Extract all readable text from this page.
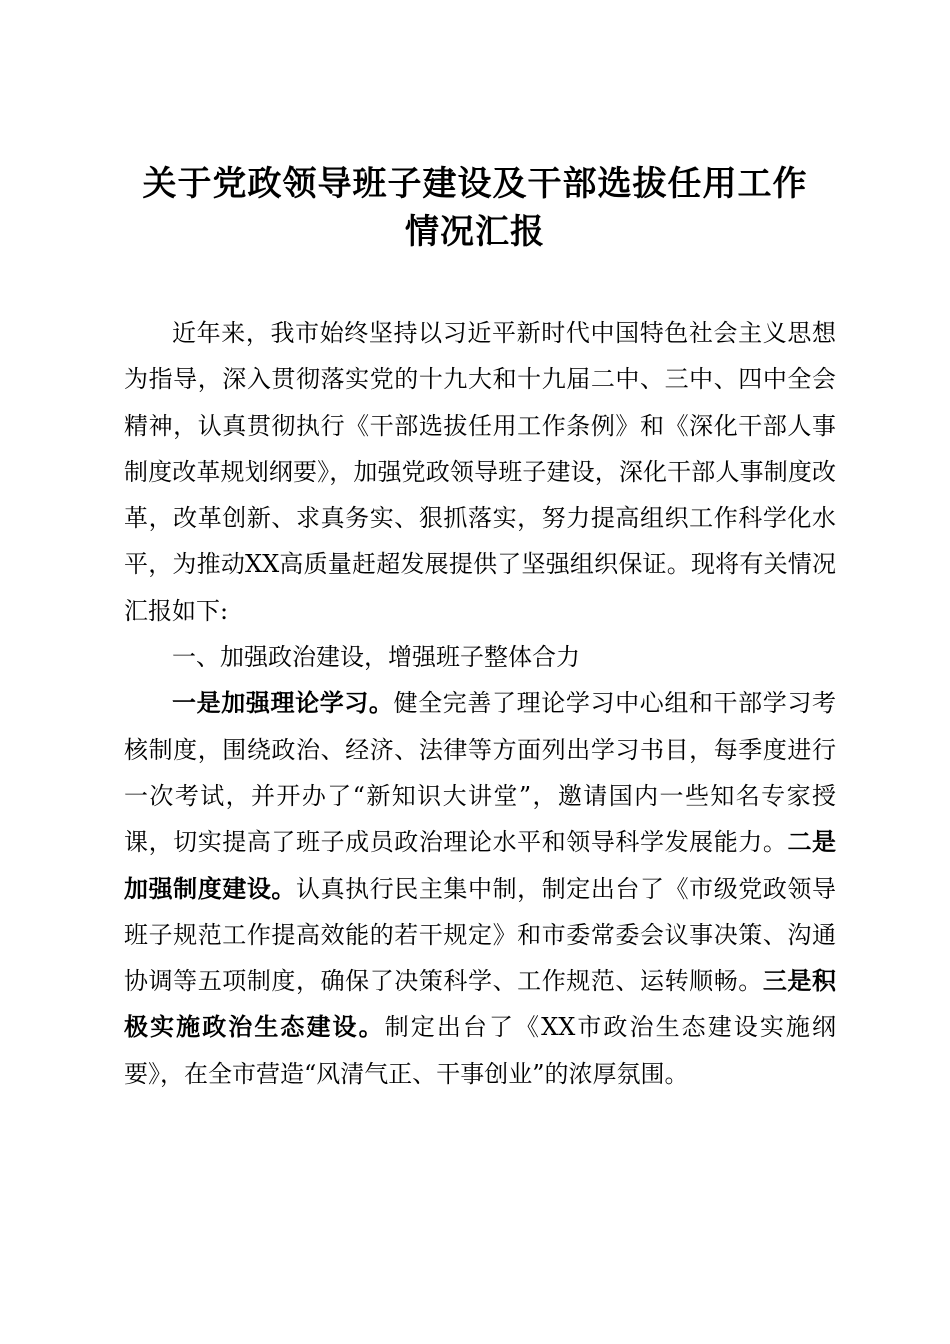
关于党政领导班子建设及干部选拔任用工作
情况汇报

近年来，我市始终坚持以习近平新时代中国特色社会主义思想为指导，深入贯彻落实党的十九大和十九届二中、三中、四中全会精神，认真贯彻执行《干部选拔任用工作条例》和《深化干部人事制度改革规划纲要》，加强党政领导班子建设，深化干部人事制度改革，改革创新、求真务实、狠抓落实，努力提高组织工作科学化水平，为推动XX高质量赶超发展提供了坚强组织保证。现将有关情况汇报如下:

一、加强政治建设，增强班子整体合力

一是加强理论学习。健全完善了理论学习中心组和干部学习考核制度，围绕政治、经济、法律等方面列出学习书目，每季度进行一次考试，并开办了“新知识大讲堂”，邀请国内一些知名专家授课，切实提高了班子成员政治理论水平和领导科学发展能力。二是加强制度建设。认真执行民主集中制，制定出台了《市级党政领导班子规范工作提高效能的若干规定》和市委常委会议事决策、沟通协调等五项制度，确保了决策科学、工作规范、运转顺畅。三是积极实施政治生态建设。制定出台了《XX市政治生态建设实施纲要》，在全市营造“风清气正、干事创业”的浓厚氛围。
